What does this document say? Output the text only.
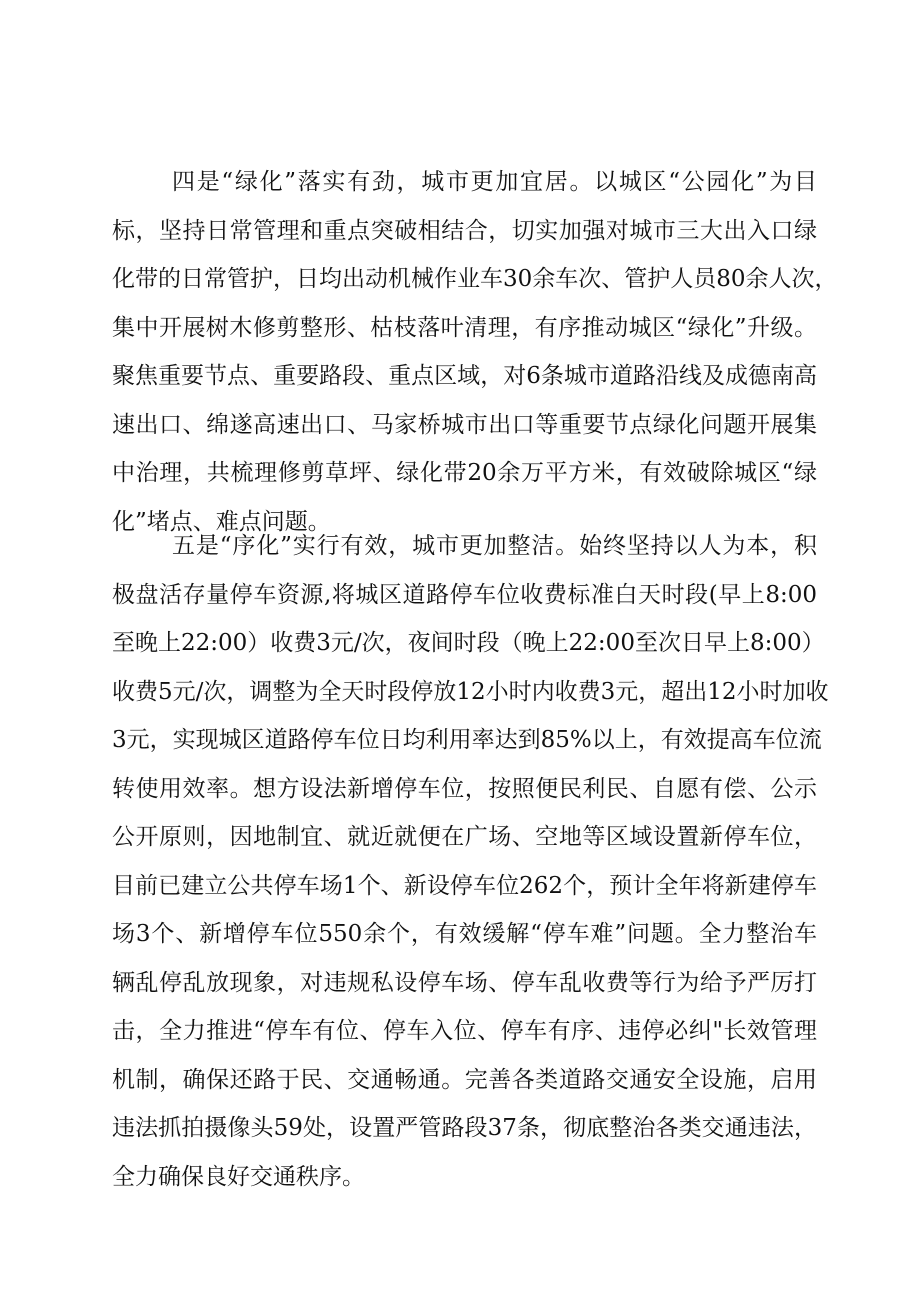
四是“绿化”落实有劲，城市更加宜居。以城区“公园化”为目
标，坚持日常管理和重点突破相结合，切实加强对城市三大出入口绿
化带的日常管护，日均出动机械作业车30余车次、管护人员80余人次，
集中开展树木修剪整形、枯枝落叶清理，有序推动城区“绿化”升级。
聚焦重要节点、重要路段、重点区域，对6条城市道路沿线及成德南高
速出口、绵遂高速出口、马家桥城市出口等重要节点绿化问题开展集
中治理，共梳理修剪草坪、绿化带20余万平方米，有效破除城区“绿
化”堵点、难点问题。
五是“序化”实行有效，城市更加整洁。始终坚持以人为本，积
极盘活存量停车资源,将城区道路停车位收费标准白天时段(早上8:00
至晚上22:00）收费3元/次，夜间时段（晚上22:00至次日早上8:00）
收费5元/次，调整为全天时段停放12小时内收费3元，超出12小时加收
3元，实现城区道路停车位日均利用率达到85%以上，有效提高车位流
转使用效率。想方设法新增停车位，按照便民利民、自愿有偿、公示
公开原则，因地制宜、就近就便在广场、空地等区域设置新停车位，
目前已建立公共停车场1个、新设停车位262个，预计全年将新建停车
场3个、新增停车位550余个，有效缓解“停车难”问题。全力整治车
辆乱停乱放现象，对违规私设停车场、停车乱收费等行为给予严厉打
击，全力推进“停车有位、停车入位、停车有序、违停必纠"长效管理
机制，确保还路于民、交通畅通。完善各类道路交通安全设施，启用
违法抓拍摄像头59处，设置严管路段37条，彻底整治各类交通违法，
全力确保良好交通秩序。
